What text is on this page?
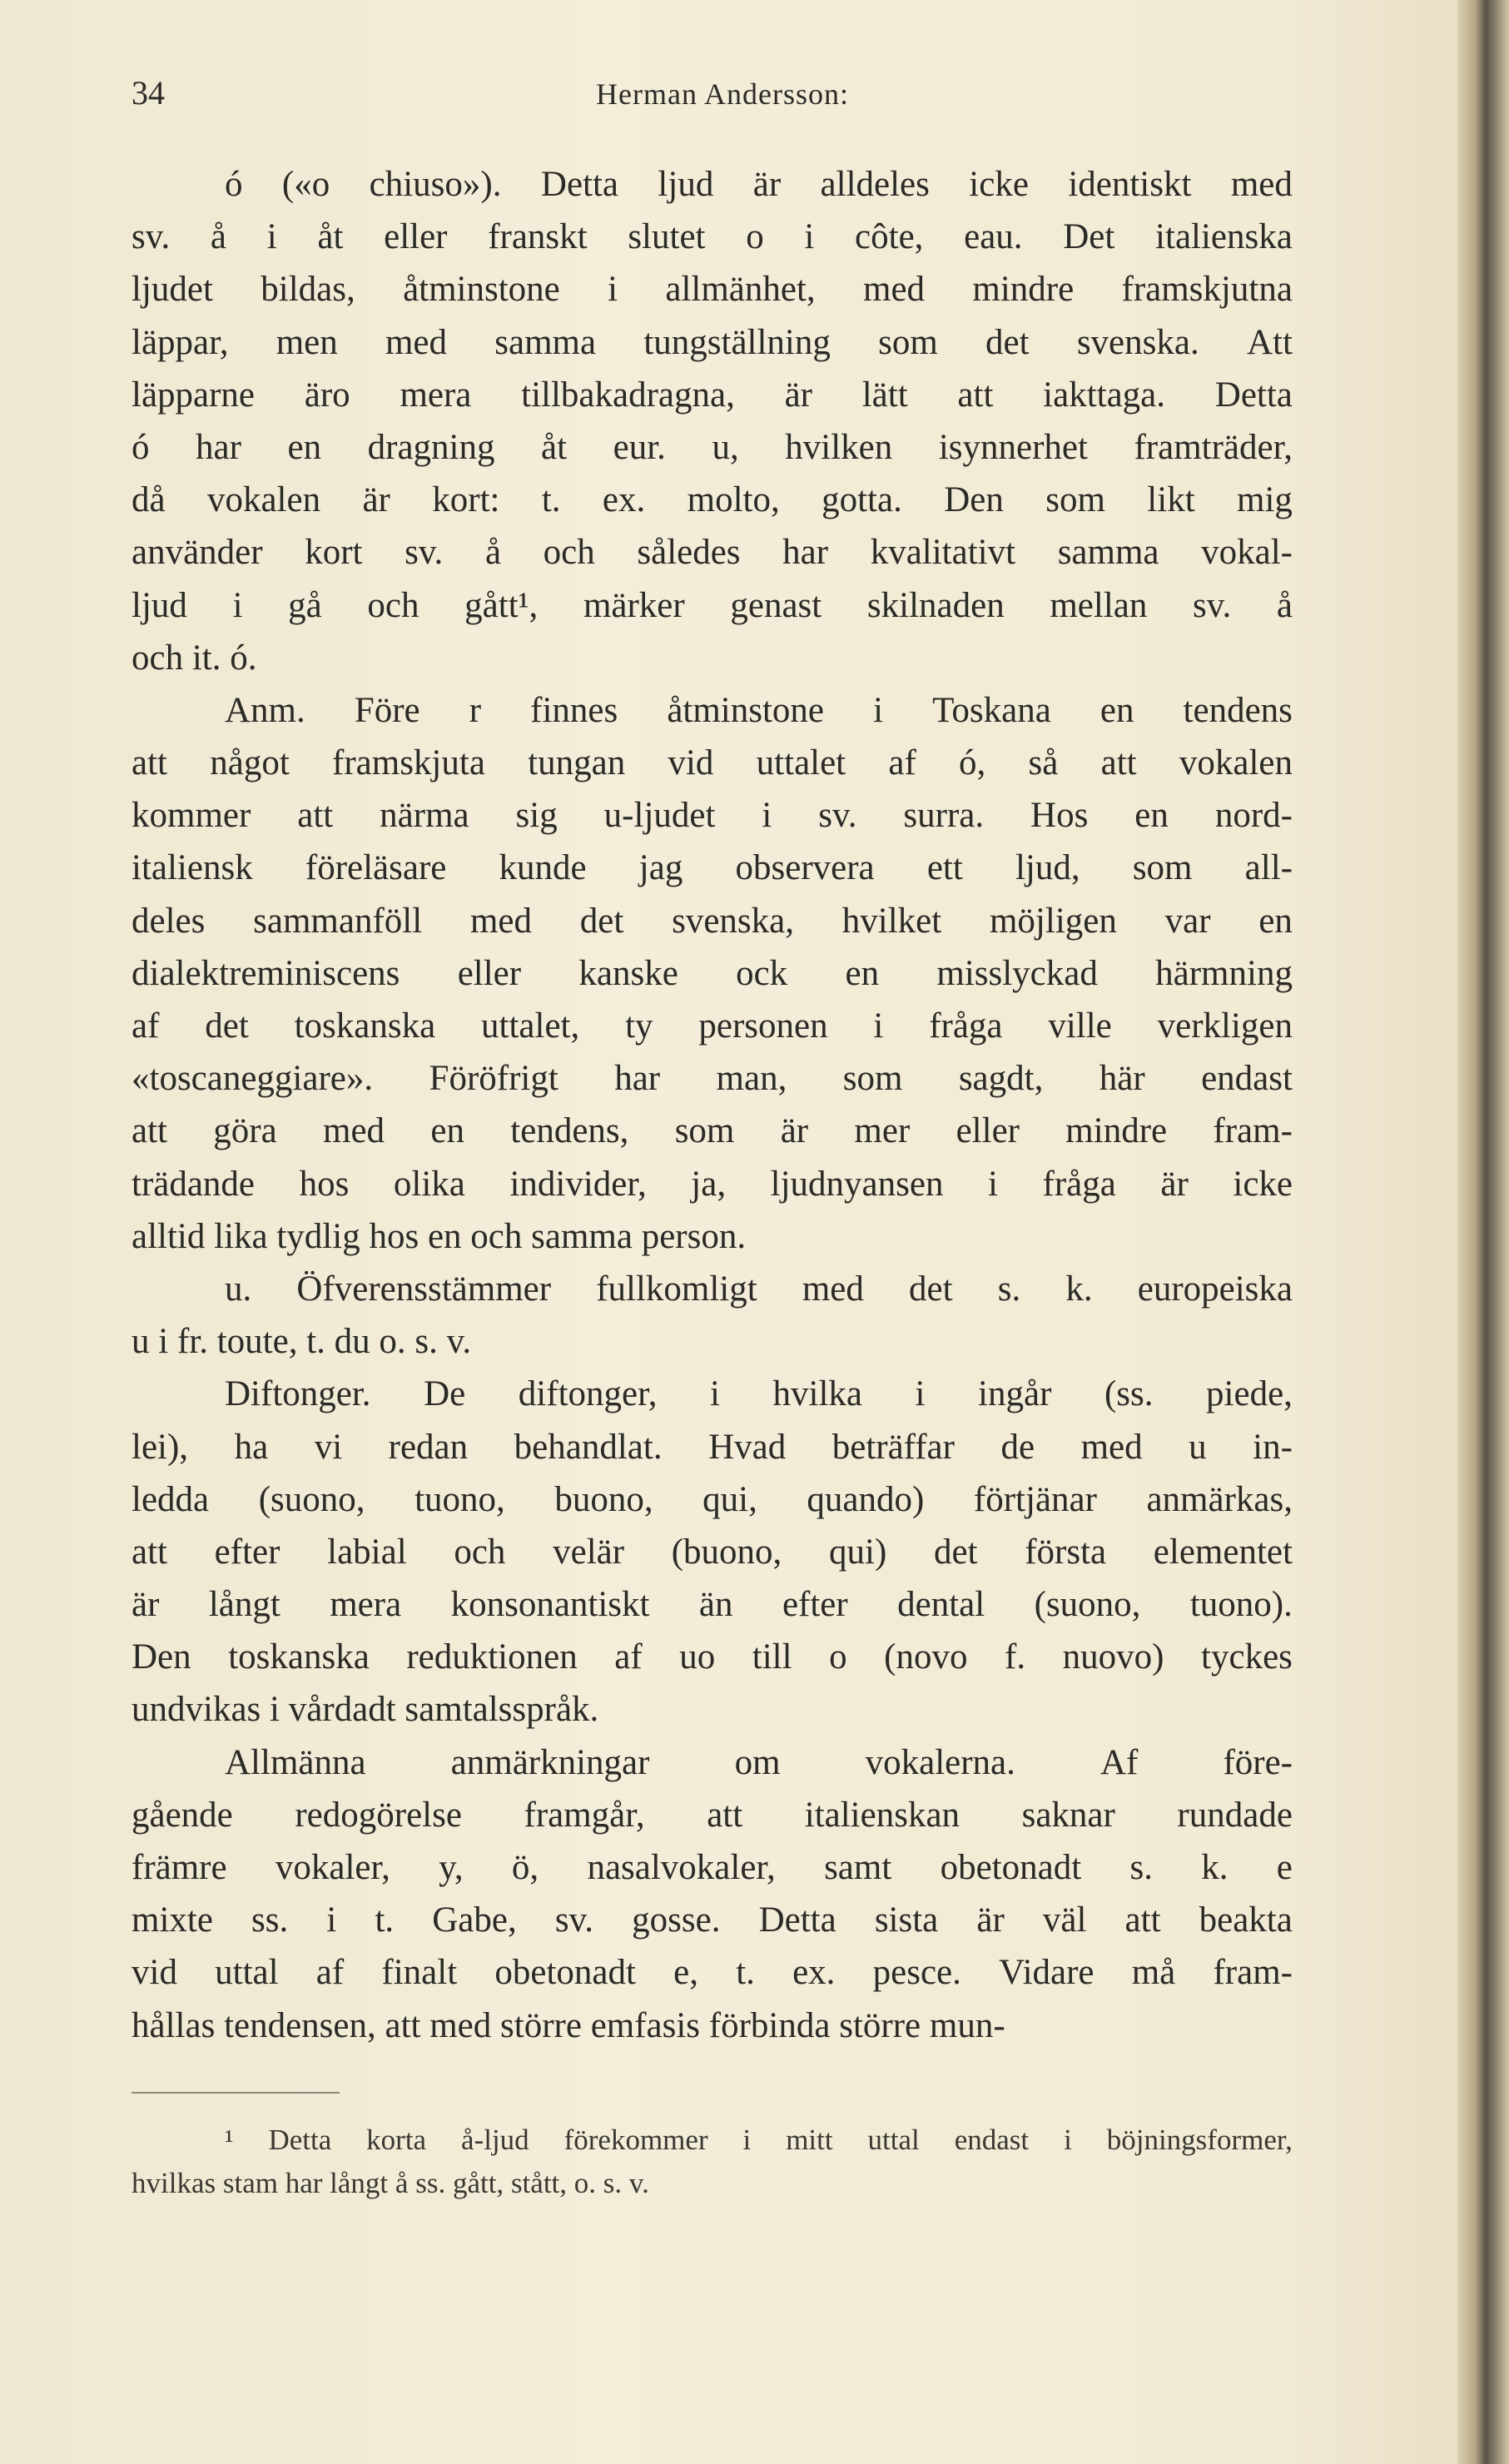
34	Herman Andersson:
ó («o chiuso»). Detta ljud är alldeles icke identiskt med
sv. å i åt eller franskt slutet o i côte, eau. Det italienska
ljudet bildas, åtminstone i allmänhet, med mindre framskjutna
läppar, men med samma tungställning som det svenska. Att
läpparne äro mera tillbakadragna, är lätt att iakttaga. Detta
ó har en dragning åt eur. u, hvilken isynnerhet framträder,
då vokalen är kort: t. ex. molto, gotta. Den som likt mig
använder kort sv. å och således har kvalitativt samma vokal-
ljud i gå och gått¹, märker genast skilnaden mellan sv. å
och it. ó.
Anm. Före r finnes åtminstone i Toskana en tendens
att något framskjuta tungan vid uttalet af ó, så att vokalen
kommer att närma sig u-ljudet i sv. surra. Hos en nord-
italiensk föreläsare kunde jag observera ett ljud, som all-
deles sammanföll med det svenska, hvilket möjligen var en
dialektreminiscens eller kanske ock en misslyckad härmning
af det toskanska uttalet, ty personen i fråga ville verkligen
«toscaneggiare». Föröfrigt har man, som sagdt, här endast
att göra med en tendens, som är mer eller mindre fram-
trädande hos olika individer, ja, ljudnyansen i fråga är icke
alltid lika tydlig hos en och samma person.
u. Öfverensstämmer fullkomligt med det s. k. europeiska
u i fr. toute, t. du o. s. v.
Diftonger. De diftonger, i hvilka i ingår (ss. piede,
lei), ha vi redan behandlat. Hvad beträffar de med u in-
ledda (suono, tuono, buono, qui, quando) förtjänar anmärkas,
att efter labial och velär (buono, qui) det första elementet
är långt mera konsonantiskt än efter dental (suono, tuono).
Den toskanska reduktionen af uo till o (novo f. nuovo) tyckes
undvikas i vårdadt samtalsspråk.
Allmänna anmärkningar om vokalerna. Af före-
gående redogörelse framgår, att italienskan saknar rundade
främre vokaler, y, ö, nasalvokaler, samt obetonadt s. k. e
mixte ss. i t. Gabe, sv. gosse. Detta sista är väl att beakta
vid uttal af finalt obetonadt e, t. ex. pesce. Vidare må fram-
hållas tendensen, att med större emfasis förbinda större mun-
¹ Detta korta å-ljud förekommer i mitt uttal endast i böjningsformer,
hvilkas stam har långt å ss. gått, stått, o. s. v.
